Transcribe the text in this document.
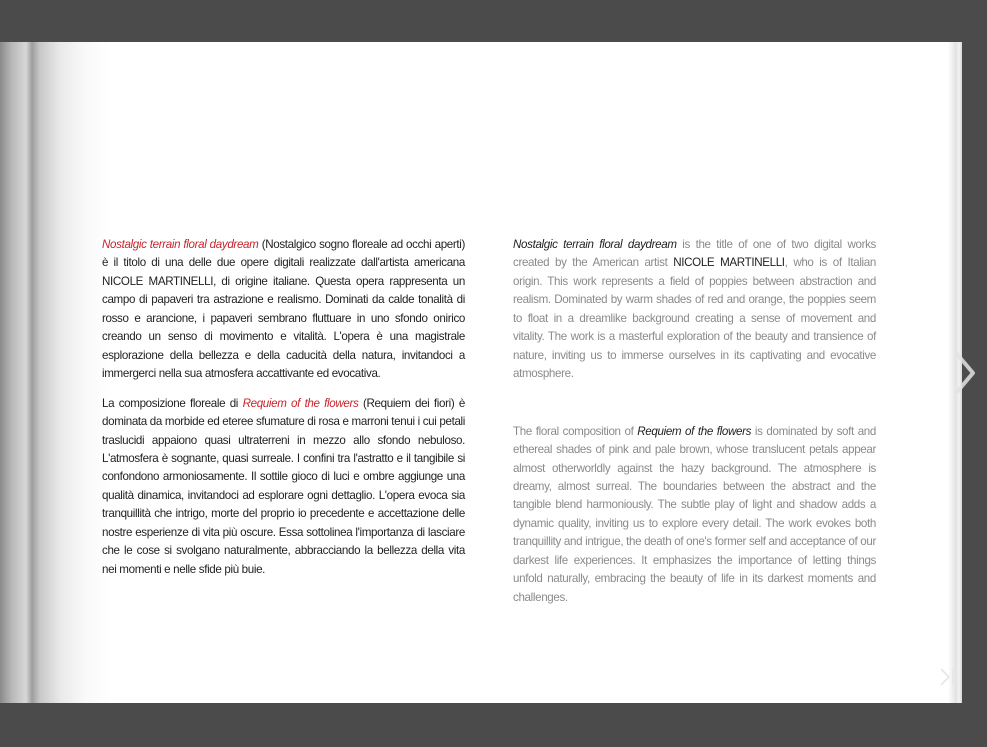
Nostalgic terrain floral daydream (Nostalgico sogno floreale ad occhi aperti) è il titolo di una delle due opere digitali realizzate dall'artista americana NICOLE MARTINELLI, di origine italiane. Questa opera rappresenta un campo di papaveri tra astrazione e realismo. Dominati da calde tonalità di rosso e arancione, i papaveri sembrano fluttuare in uno sfondo onirico creando un senso di movimento e vitalità. L'opera è una magistrale esplorazione della bellezza e della caducità della natura, invitandoci a immergerci nella sua atmosfera accattivante ed evocativa.

La composizione floreale di Requiem of the flowers (Requiem dei fiori) è dominata da morbide ed eteree sfumature di rosa e marroni tenui i cui petali traslucidi appaiono quasi ultraterreni in mezzo allo sfondo nebuloso. L'atmosfera è sognante, quasi surreale. I confini tra l'astratto e il tangibile si confondono armoniosamente. Il sottile gioco di luci e ombre aggiunge una qualità dinamica, invitandoci ad esplorare ogni dettaglio. L'opera evoca sia tranquillità che intrigo, morte del proprio io precedente e accettazione delle nostre esperienze di vita più oscure. Essa sottolinea l'importanza di lasciare che le cose si svolgano naturalmente, abbracciando la bellezza della vita nei momenti e nelle sfide più buie.

Nostalgic terrain floral daydream is the title of one of two digital works created by the American artist NICOLE MARTINELLI, who is of Italian origin. This work represents a field of poppies between abstraction and realism. Dominated by warm shades of red and orange, the poppies seem to float in a dreamlike background creating a sense of movement and vitality. The work is a masterful exploration of the beauty and transience of nature, inviting us to immerse ourselves in its captivating and evocative atmosphere.

The floral composition of Requiem of the flowers is dominated by soft and ethereal shades of pink and pale brown, whose translucent petals appear almost otherworldly against the hazy background. The atmosphere is dreamy, almost surreal. The boundaries between the abstract and the tangible blend harmoniously. The subtle play of light and shadow adds a dynamic quality, inviting us to explore every detail. The work evokes both tranquillity and intrigue, the death of one's former self and acceptance of our darkest life experiences. It emphasizes the importance of letting things unfold naturally, embracing the beauty of life in its darkest moments and challenges.
